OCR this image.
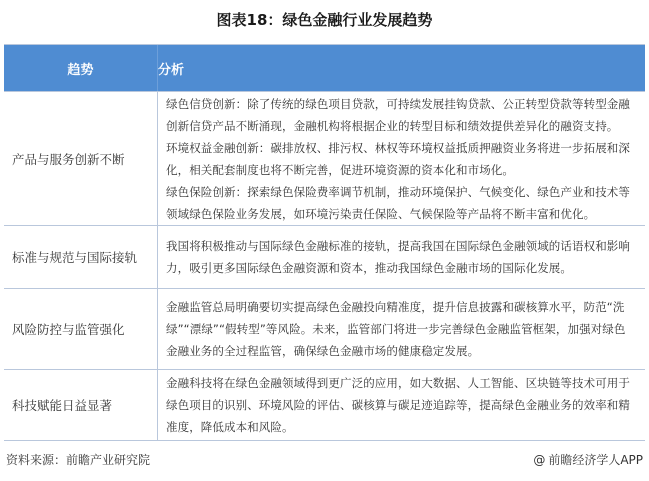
图表18：绿色金融行业发展趋势
趋势	分析
产品与服务创新不断

绿色信贷创新：除了传统的绿色项目贷款，可持续发展挂钩贷款、公正转型贷款等转型金融创新信贷产品不断涌现，金融机构将根据企业的转型目标和绩效提供差异化的融资支持。

环境权益金融创新：碳排放权、排污权、林权等环境权益抵质押融资业务将进一步拓展和深化，相关配套制度也将不断完善，促进环境资源的资本化和市场化。

绿色保险创新：探索绿色保险费率调节机制，推动环境保护、气候变化、绿色产业和技术等领域绿色保险业务发展，如环境污染责任保险、气候保险等产品将不断丰富和优化。

标准与规范与国际接轨

我国将积极推动与国际绿色金融标准的接轨，提高我国在国际绿色金融领域的话语权和影响力，吸引更多国际绿色金融资源和资本，推动我国绿色金融市场的国际化发展。

风险防控与监管强化

金融监管总局明确要切实提高绿色金融投向精准度，提升信息披露和碳核算水平，防范“洗绿”“漂绿”“假转型”等风险。未来，监管部门将进一步完善绿色金融监管框架，加强对绿色金融业务的全过程监管，确保绿色金融市场的健康稳定发展。

科技赋能日益显著

金融科技将在绿色金融领域得到更广泛的应用，如大数据、人工智能、区块链等技术可用于绿色项目的识别、环境风险的评估、碳核算与碳足迹追踪等，提高绿色金融业务的效率和精准度，降低成本和风险。

资料来源：前瞻产业研究院	@ 前瞻经济学人APP
